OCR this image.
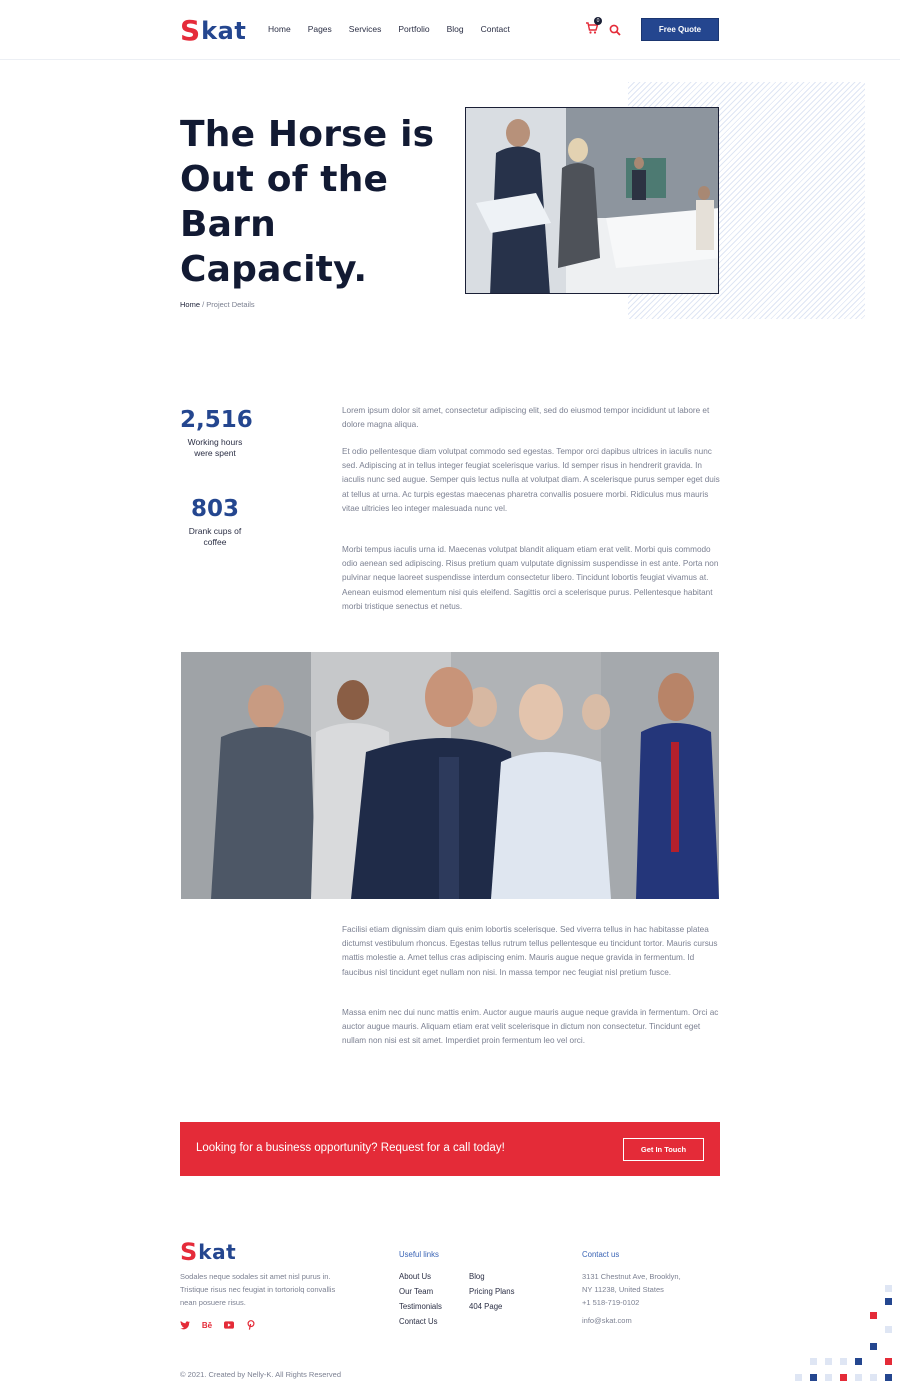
S kat	Home Pages Services Portfolio Blog Contact
0
Free Quote
The Horse is Out of the Barn Capacity.
Home / Project Details
2,516
Working hours were spent
803
Drank cups of coffee

Lorem ipsum dolor sit amet, consectetur adipiscing elit, sed do eiusmod tempor incididunt ut labore et dolore magna aliqua.

Et odio pellentesque diam volutpat commodo sed egestas. Tempor orci dapibus ultrices in iaculis nunc sed. Adipiscing at in tellus integer feugiat scelerisque varius. Id semper risus in hendrerit gravida. In iaculis nunc sed augue. Semper quis lectus nulla at volutpat diam. A scelerisque purus semper eget duis at tellus at urna. Ac turpis egestas maecenas pharetra convallis posuere morbi. Ridiculus mus mauris vitae ultricies leo integer malesuada nunc vel.

Morbi tempus iaculis urna id. Maecenas volutpat blandit aliquam etiam erat velit. Morbi quis commodo odio aenean sed adipiscing. Risus pretium quam vulputate dignissim suspendisse in est ante. Porta non pulvinar neque laoreet suspendisse interdum consectetur libero. Tincidunt lobortis feugiat vivamus at. Aenean euismod elementum nisi quis eleifend. Sagittis orci a scelerisque purus. Pellentesque habitant morbi tristique senectus et netus.

Facilisi etiam dignissim diam quis enim lobortis scelerisque. Sed viverra tellus in hac habitasse platea dictumst vestibulum rhoncus. Egestas tellus rutrum tellus pellentesque eu tincidunt tortor. Mauris cursus mattis molestie a. Amet tellus cras adipiscing enim. Mauris augue neque gravida in fermentum. Id faucibus nisl tincidunt eget nullam non nisi. In massa tempor nec feugiat nisl pretium fusce.

Massa enim nec dui nunc mattis enim. Auctor augue mauris augue neque gravida in fermentum. Orci ac auctor augue mauris. Aliquam etiam erat velit scelerisque in dictum non consectetur. Tincidunt eget nullam non nisi est sit amet. Imperdiet proin fermentum leo vel orci.

Looking for a business opportunity? Request for a call today!	Get In Touch
S kat

Sodales neque sodales sit amet nisl purus in. Tristique risus nec feugiat in tortoriolq convallis nean posuere risus.

Bē
Useful links
About Us
Our Team
Testimonials
Contact Us
Blog
Pricing Plans
404 Page
Contact us
3131 Chestnut Ave, Brooklyn,
NY 11238, United States
+1 518-719-0102
info@skat.com
© 2021. Created by Nelly-K. All Rights Reserved
